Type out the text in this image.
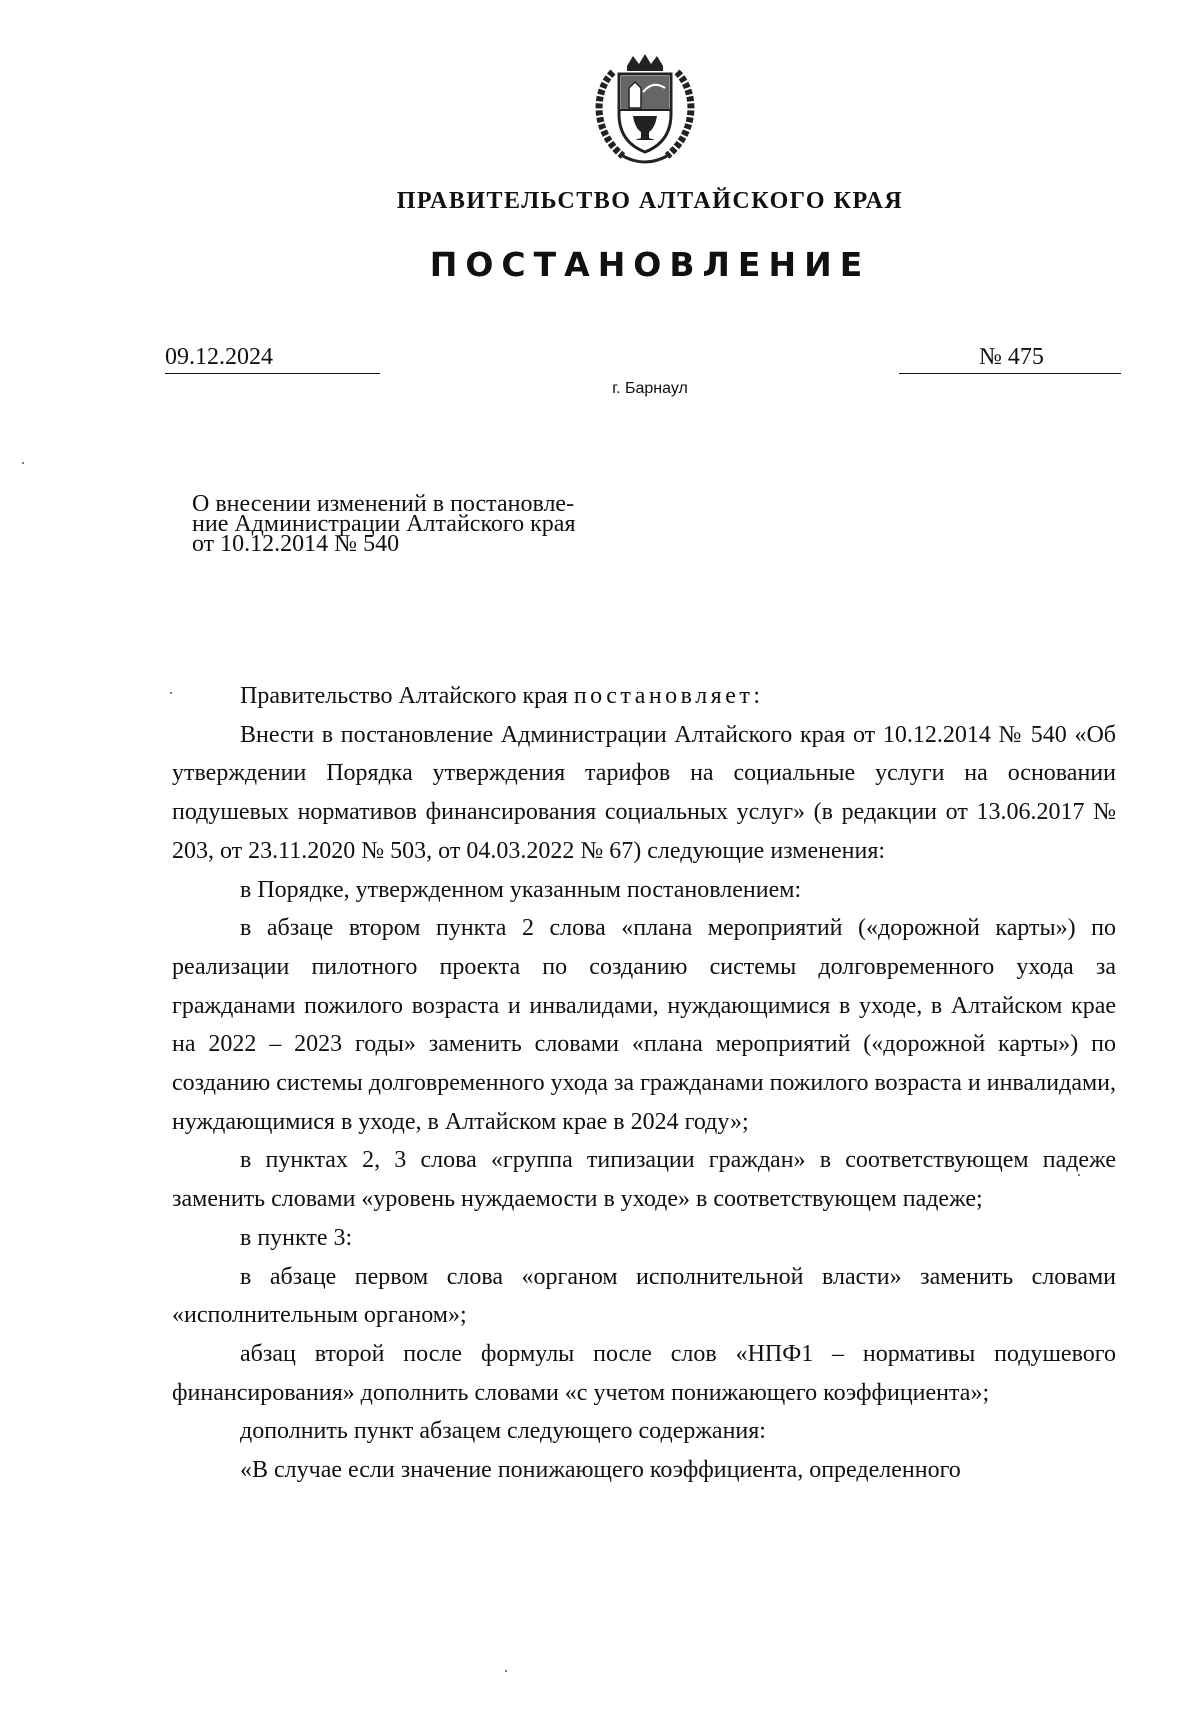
ПРАВИТЕЛЬСТВО АЛТАЙСКОГО КРАЯ
ПОСТАНОВЛЕНИЕ
09.12.2024	№ 475
г. Барнаул
О внесении изменений в постановле-
ние Администрации Алтайского края
от 10.12.2014 № 540

Правительство Алтайского края постановляет:

Внести в постановление Администрации Алтайского края от 10.12.2014 № 540 «Об утверждении Порядка утверждения тарифов на социальные услуги на основании подушевых нормативов финансирования социальных услуг» (в редакции от 13.06.2017 № 203, от 23.11.2020 № 503, от 04.03.2022 № 67) следующие изменения:

в Порядке, утвержденном указанным постановлением:

в абзаце втором пункта 2 слова «плана мероприятий («дорожной карты») по реализации пилотного проекта по созданию системы долговременного ухода за гражданами пожилого возраста и инвалидами, нуждающимися в уходе, в Алтайском крае на 2022 – 2023 годы» заменить словами «плана мероприятий («дорожной карты») по созданию системы долговременного ухода за гражданами пожилого возраста и инвалидами, нуждающимися в уходе, в Алтайском крае в 2024 году»;

в пунктах 2, 3 слова «группа типизации граждан» в соответствующем падеже заменить словами «уровень нуждаемости в уходе» в соответствующем падеже;

в пункте 3:

в абзаце первом слова «органом исполнительной власти» заменить словами «исполнительным органом»;

абзац второй после формулы после слов «НПФ1 – нормативы подушевого финансирования» дополнить словами «с учетом понижающего коэффициента»;

дополнить пункт абзацем следующего содержания:

«В случае если значение понижающего коэффициента, определенного
